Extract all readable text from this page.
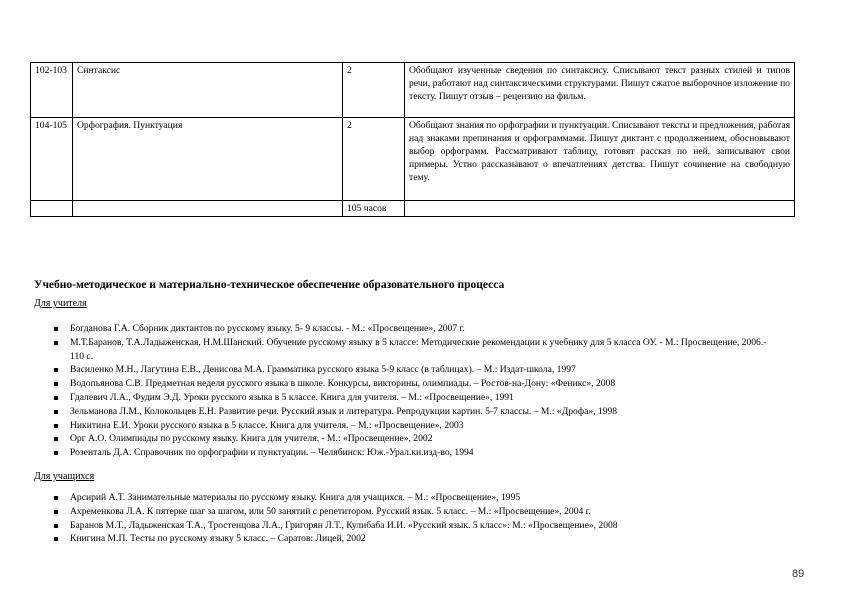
102-103	Синтаксис	2	Обобщают изученные сведения по синтаксису. Списывают текст разных стилей и типов речи, работают над синтаксическими структурами. Пишут сжатое выборочное изложение по тексту. Пишут отзыв – рецензию на фильм.
104-105	Орфография. Пунктуация	2	Обобщают знания по орфографии и пунктуации. Списывают тексты и предложения, работая над знаками препинания и орфограммами. Пишут диктант с продолжением, обосновывают выбор орфограмм. Рассматривают таблицу, готовят рассказ по ней, записывают свои примеры. Устно рассказывают о впечатлениях детства. Пишут сочинение на свободную тему.
		105 часов	
Учебно-методическое и материально-техническое обеспечение образовательного процесса
Для учителя
Богданова Г.А. Сборник диктантов по русскому языку. 5- 9 классы. - М.: «Просвещение», 2007 г.
М.Т.Баранов, Т.А.Ладыженская, Н.М.Шанский. Обучение русскому языку в 5 классе: Методические рекомендации к учебнику для 5 класса ОУ. - М.: Просвещение, 2006.- 110 с.
Василенко М.Н., Лагутина Е.В., Денисова М.А. Грамматика русского языка 5-9 класс (в таблицах). – М.: Издат-школа, 1997
Водопьянова С.В. Предметная неделя русского языка в школе. Конкурсы, викторины, олимпиады. – Ростов-на-Дону: «Феникс», 2008
Гдалевич Л.А., Фудим Э.Д. Уроки русского языка в 5 классе. Книга для учителя. – М.: «Просвещение», 1991
Зельманова Л.М., Колокольцев Е.Н. Развитие речи. Русский язык и литература. Репродукции картин. 5-7 классы. – М.: «Дрофа», 1998
Никитина Е.И. Уроки русского языка в 5 классе. Книга для учителя. – М.: «Просвещение», 2003
Орг А.О. Олимпиады по русскому языку. Книга для учителя. - М.: «Просвещение», 2002
Розенталь Д.А. Справочник по орфографии и пунктуации. – Челябинск: Юж.-Урал.кн.изд-во, 1994
Для учащихся
Арсирий А.Т. Занимательные материалы по русскому языку. Книга для учащихся. – М.: «Просвещение», 1995
Ахременкова Л.А. К пятерке шаг за шагом, или 50 занятий с репетитором. Русский язык. 5 класс. – М.: «Просвещение», 2004 г.
Баранов М.Т., Ладыженская Т.А., Тростенцова Л.А., Григорян Л.Т., Кулибаба И.И. «Русский язык. 5 класс»: М.: «Просвещение», 2008
Книгина М.П. Тесты по русскому языку 5 класс. – Саратов: Лицей, 2002
89
